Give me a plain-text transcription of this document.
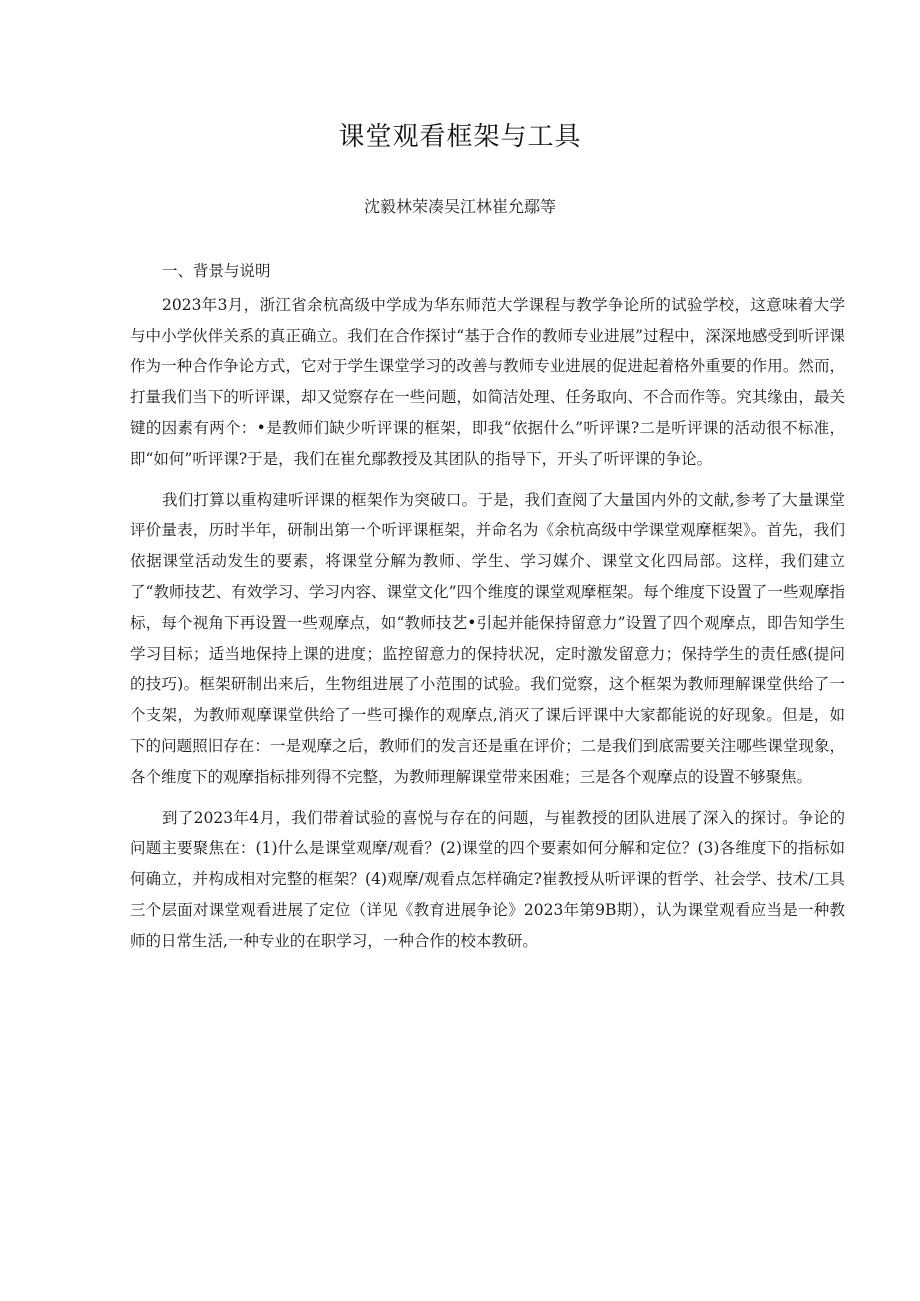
课堂观看框架与工具
沈毅林荣凑吴江林崔允鄢等
一、背景与说明

2023年3月，浙江省余杭高级中学成为华东师范大学课程与教学争论所的试验学校，这意味着大学与中小学伙伴关系的真正确立。我们在合作探讨“基于合作的教师专业进展”过程中，深深地感受到听评课作为一种合作争论方式，它对于学生课堂学习的改善与教师专业进展的促进起着格外重要的作用。然而，打量我们当下的听评课，却又觉察存在一些问题，如简洁处理、任务取向、不合而作等。究其缘由，最关键的因素有两个：•是教师们缺少听评课的框架，即我“依据什么”听评课?二是听评课的活动很不标准，即“如何”听评课?于是，我们在崔允鄢教授及其团队的指导下，开头了听评课的争论。

我们打算以重构建听评课的框架作为突破口。于是，我们查阅了大量国内外的文献,参考了大量课堂评价量表，历时半年，研制出第一个听评课框架，并命名为《余杭高级中学课堂观摩框架》。首先，我们依据课堂活动发生的要素，将课堂分解为教师、学生、学习媒介、课堂文化四局部。这样，我们建立了“教师技艺、有效学习、学习内容、课堂文化”四个维度的课堂观摩框架。每个维度下设置了一些观摩指标，每个视角下再设置一些观摩点，如“教师技艺•引起并能保持留意力”设置了四个观摩点，即告知学生学习目标；适当地保持上课的进度；监控留意力的保持状况，定时激发留意力；保持学生的责任感(提问的技巧)。框架研制出来后，生物组进展了小范围的试验。我们觉察，这个框架为教师理解课堂供给了一个支架，为教师观摩课堂供给了一些可操作的观摩点,消灭了课后评课中大家都能说的好现象。但是，如下的问题照旧存在：一是观摩之后，教师们的发言还是重在评价；二是我们到底需要关注哪些课堂现象，各个维度下的观摩指标排列得不完整，为教师理解课堂带来困难；三是各个观摩点的设置不够聚焦。

到了2023年4月，我们带着试验的喜悦与存在的问题，与崔教授的团队进展了深入的探讨。争论的问题主要聚焦在：(1)什么是课堂观摩/观看？(2)课堂的四个要素如何分解和定位？(3)各维度下的指标如何确立，并构成相对完整的框架？(4)观摩/观看点怎样确定?崔教授从听评课的哲学、社会学、技术/工具三个层面对课堂观看进展了定位（详见《教育进展争论》2023年第9B期），认为课堂观看应当是一种教师的日常生活,一种专业的在职学习，一种合作的校本教研。
